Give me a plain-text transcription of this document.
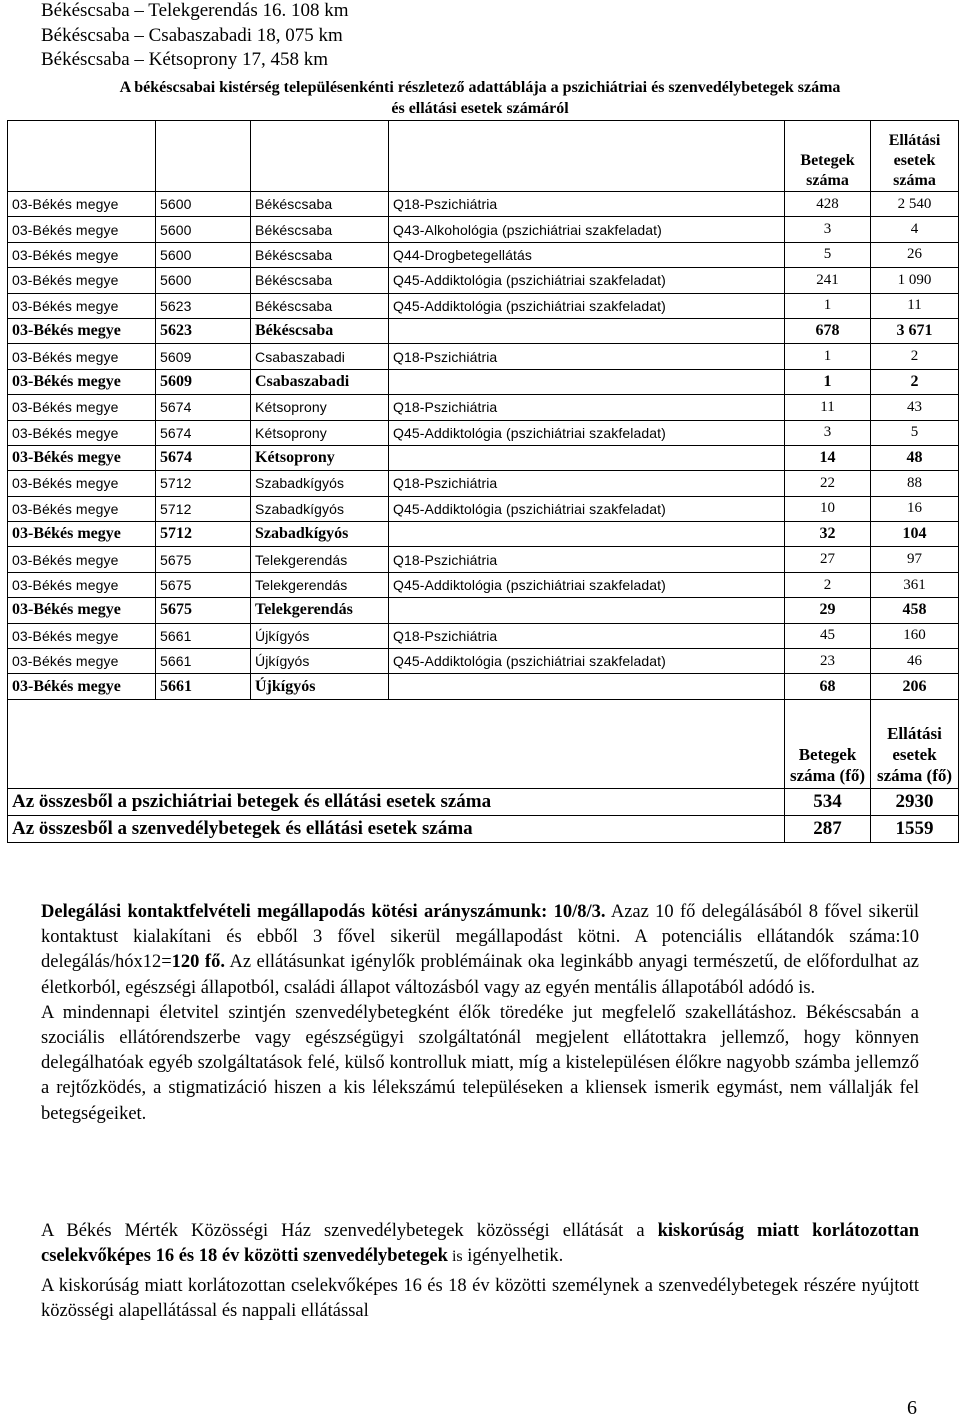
Békéscsaba – Telekgerendás 16. 108 km
Békéscsaba – Csabaszabadi 18, 075 km
Békéscsaba – Kétsoprony 17, 458 km
A békéscsabai kistérség településenkénti részletező adattáblája a pszichiátriai és szenvedélybetegek száma
és ellátási esetek számáról
				Betegek száma	Ellátási esetek száma
03-Békés megye	5600	Békéscsaba	Q18-Pszichiátria	428	2 540
03-Békés megye	5600	Békéscsaba	Q43-Alkohológia (pszichiátriai szakfeladat)	3	4
03-Békés megye	5600	Békéscsaba	Q44-Drogbetegellátás	5	26
03-Békés megye	5600	Békéscsaba	Q45-Addiktológia (pszichiátriai szakfeladat)	241	1 090
03-Békés megye	5623	Békéscsaba	Q45-Addiktológia (pszichiátriai szakfeladat)	1	11
03-Békés megye	5623	Békéscsaba		678	3 671
03-Békés megye	5609	Csabaszabadi	Q18-Pszichiátria	1	2
03-Békés megye	5609	Csabaszabadi		1	2
03-Békés megye	5674	Kétsoprony	Q18-Pszichiátria	11	43
03-Békés megye	5674	Kétsoprony	Q45-Addiktológia (pszichiátriai szakfeladat)	3	5
03-Békés megye	5674	Kétsoprony		14	48
03-Békés megye	5712	Szabadkígyós	Q18-Pszichiátria	22	88
03-Békés megye	5712	Szabadkígyós	Q45-Addiktológia (pszichiátriai szakfeladat)	10	16
03-Békés megye	5712	Szabadkígyós		32	104
03-Békés megye	5675	Telekgerendás	Q18-Pszichiátria	27	97
03-Békés megye	5675	Telekgerendás	Q45-Addiktológia (pszichiátriai szakfeladat)	2	361
03-Békés megye	5675	Telekgerendás		29	458
03-Békés megye	5661	Újkígyós	Q18-Pszichiátria	45	160
03-Békés megye	5661	Újkígyós	Q45-Addiktológia (pszichiátriai szakfeladat)	23	46
03-Békés megye	5661	Újkígyós		68	206
				Betegek száma (fő)	Ellátási esetek száma (fő)
Az összesből a pszichiátriai betegek és ellátási esetek száma				534	2930
Az összesből a szenvedélybetegek és ellátási esetek száma				287	1559
Delegálási kontaktfelvételi megállapodás kötési arányszámunk: 10/8/3. Azaz 10 fő delegálásából 8 fővel sikerül kontaktust kialakítani és ebből 3 fővel sikerül megállapodást kötni. A potenciális ellátandók száma:10 delegálás/hóx12=120 fő. Az ellátásunkat igénylők problémáinak oka leginkább anyagi természetű, de előfordulhat az életkorból, egészségi állapotból, családi állapot változásból vagy az egyén mentális állapotából adódó is.
A mindennapi életvitel szintjén szenvedélybetegként élők töredéke jut megfelelő szakellátáshoz. Békéscsabán a szociális ellátórendszerbe vagy egészségügyi szolgáltatónál megjelent ellátottakra jellemző, hogy könnyen delegálhatóak egyéb szolgáltatások felé, külső kontrolluk miatt, míg a kistelepülésen élőkre nagyobb számba jellemző a rejtőzködés, a stigmatizáció hiszen a kis lélekszámú településeken a kliensek ismerik egymást, nem vállalják fel betegségeiket.
A Békés Mérték Közösségi Ház szenvedélybetegek közösségi ellátását a kiskorúság miatt korlátozottan cselekvőképes 16 és 18 év közötti szenvedélybetegek is igényelhetik.
A kiskorúság miatt korlátozottan cselekvőképes 16 és 18 év közötti személynek a szenvedélybetegek részére nyújtott közösségi alapellátással és nappali ellátással
6
